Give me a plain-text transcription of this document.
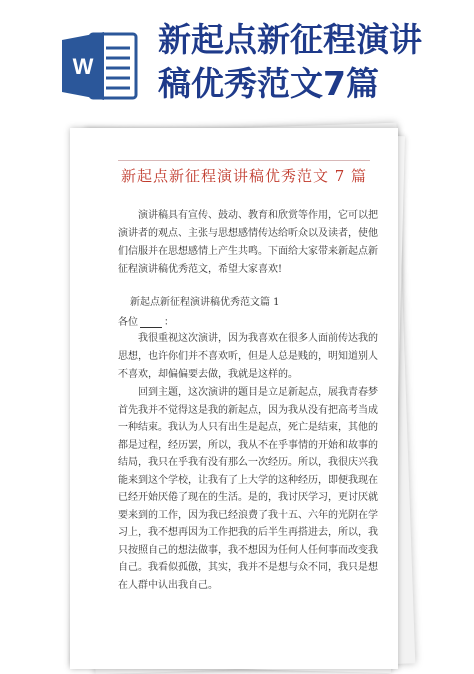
W
新起点新征程演讲
稿优秀范文7篇
新起点新征程演讲稿优秀范文 7 篇
演讲稿具有宣传、鼓动、教育和欣赏等作用，它可以把演讲者的观点、主张与思想感情传达给听众以及读者，使他们信服并在思想感情上产生共鸣。下面给大家带来新起点新征程演讲稿优秀范文，希望大家喜欢!
新起点新征程演讲稿优秀范文篇 1
各位	：
我很重视这次演讲，因为我喜欢在很多人面前传达我的思想，也许你们并不喜欢听，但是人总是贱的，明知道别人不喜欢，却偏偏要去做，我就是这样的。
回到主题，这次演讲的题目是立足新起点，展我青春梦首先我并不觉得这是我的新起点，因为我从没有把高考当成一种结束。我认为人只有出生是起点，死亡是结束，其他的都是过程，经历罢，所以，我从不在乎事情的开始和故事的结局，我只在乎我有没有那么一次经历。所以，我很庆兴我能来到这个学校，让我有了上大学的这种经历，即便我现在已经开始厌倦了现在的生活。是的，我讨厌学习，更讨厌就要来到的工作，因为我已经浪费了我十五、六年的光阴在学习上，我不想再因为工作把我的后半生再搭进去，所以，我只按照自己的想法做事，我不想因为任何人任何事而改变我自己。我看似孤傲，其实，我并不是想与众不同，我只是想在人群中认出我自己。
